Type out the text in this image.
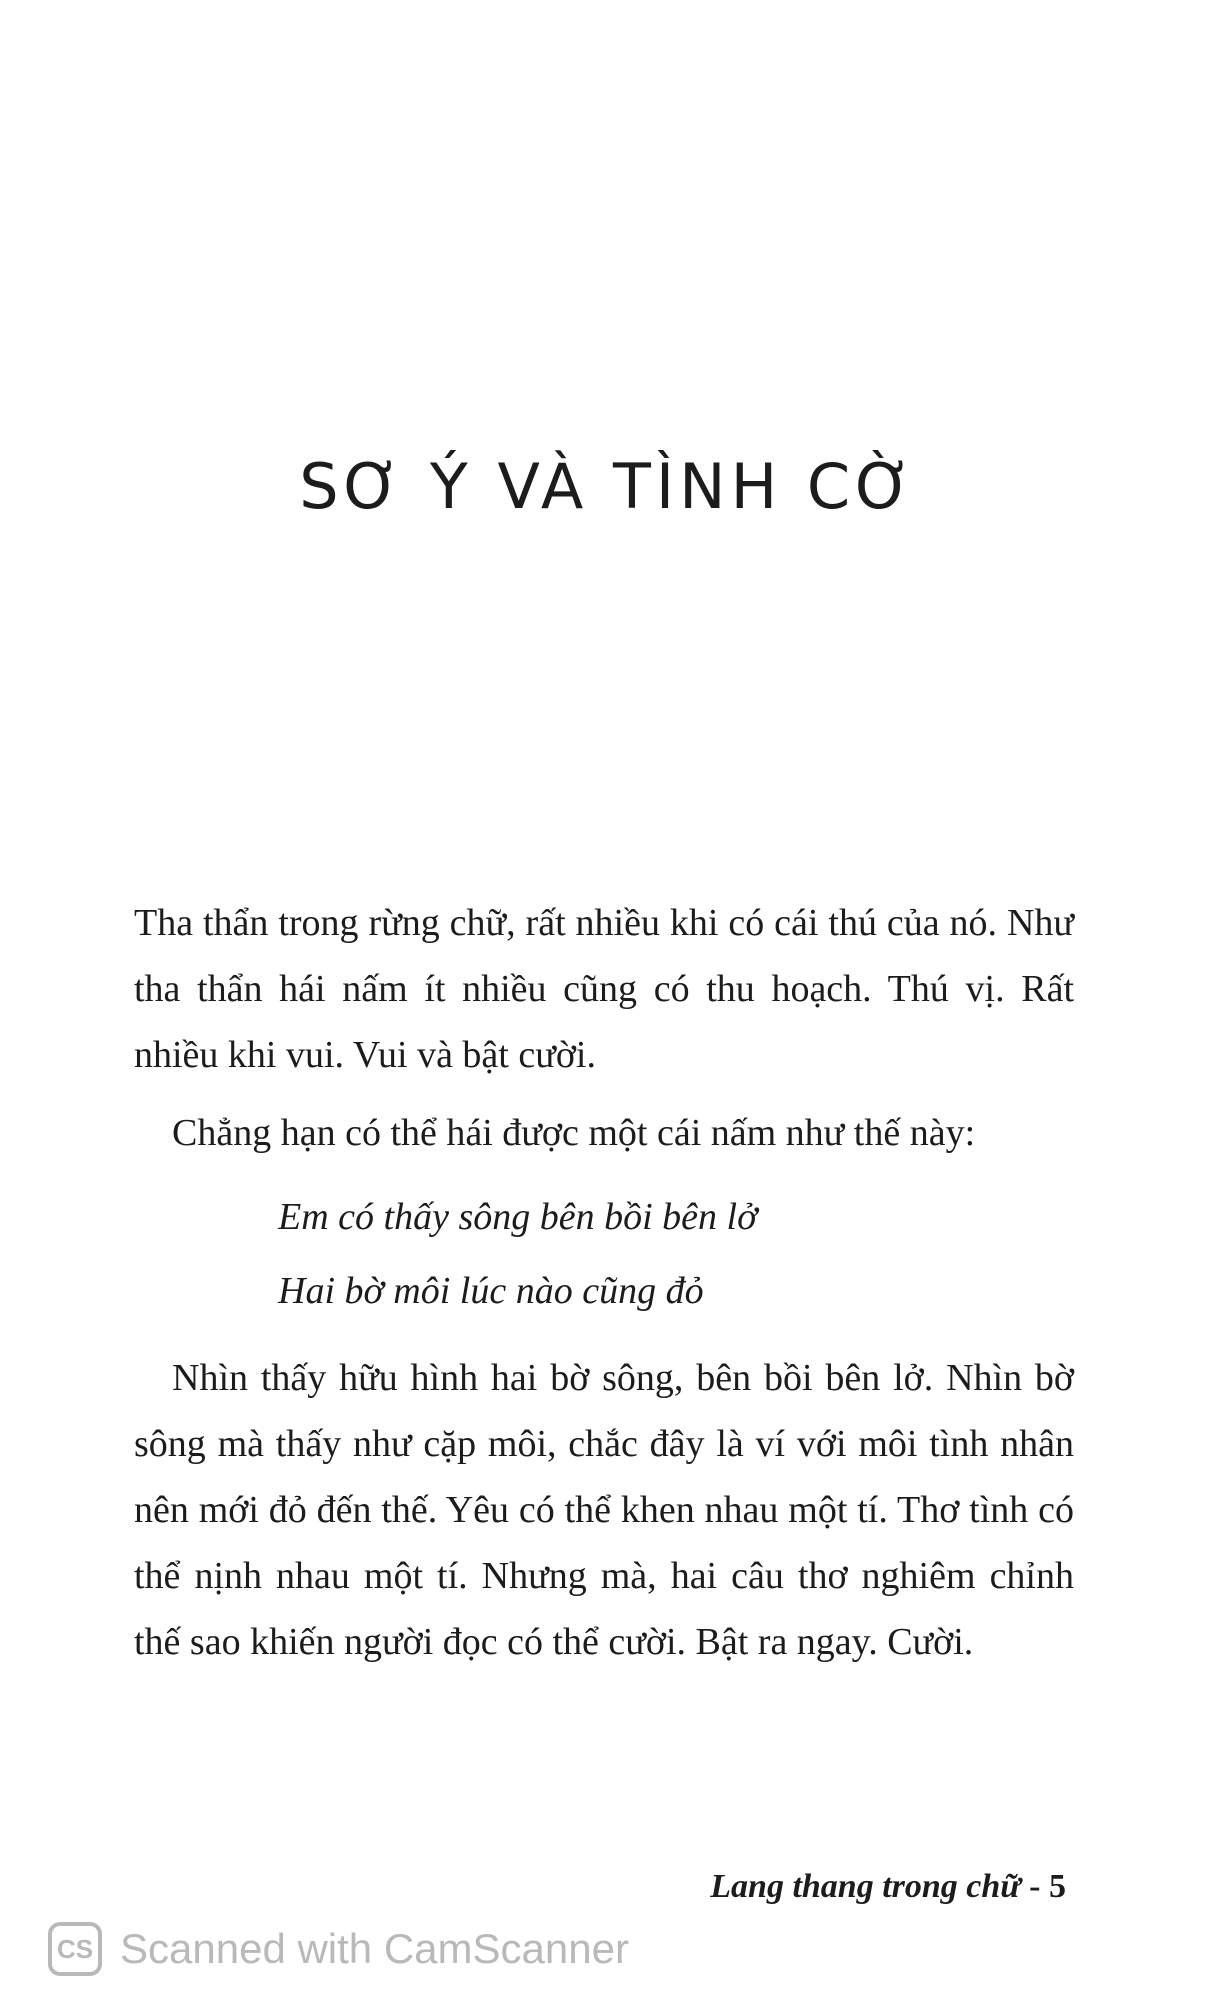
SƠ Ý VÀ TÌNH CỜ
Tha thẩn trong rừng chữ, rất nhiều khi có cái thú của nó. Như tha thẩn hái nấm ít nhiều cũng có thu hoạch. Thú vị. Rất nhiều khi vui. Vui và bật cười.
Chẳng hạn có thể hái được một cái nấm như thế này:
Em có thấy sông bên bồi bên lở
Hai bờ môi lúc nào cũng đỏ
Nhìn thấy hữu hình hai bờ sông, bên bồi bên lở. Nhìn bờ sông mà thấy như cặp môi, chắc đây là ví với môi tình nhân nên mới đỏ đến thế. Yêu có thể khen nhau một tí. Thơ tình có thể nịnh nhau một tí. Nhưng mà, hai câu thơ nghiêm chỉnh thế sao khiến người đọc có thể cười. Bật ra ngay. Cười.
Lang thang trong chữ - 5
CS Scanned with CamScanner
